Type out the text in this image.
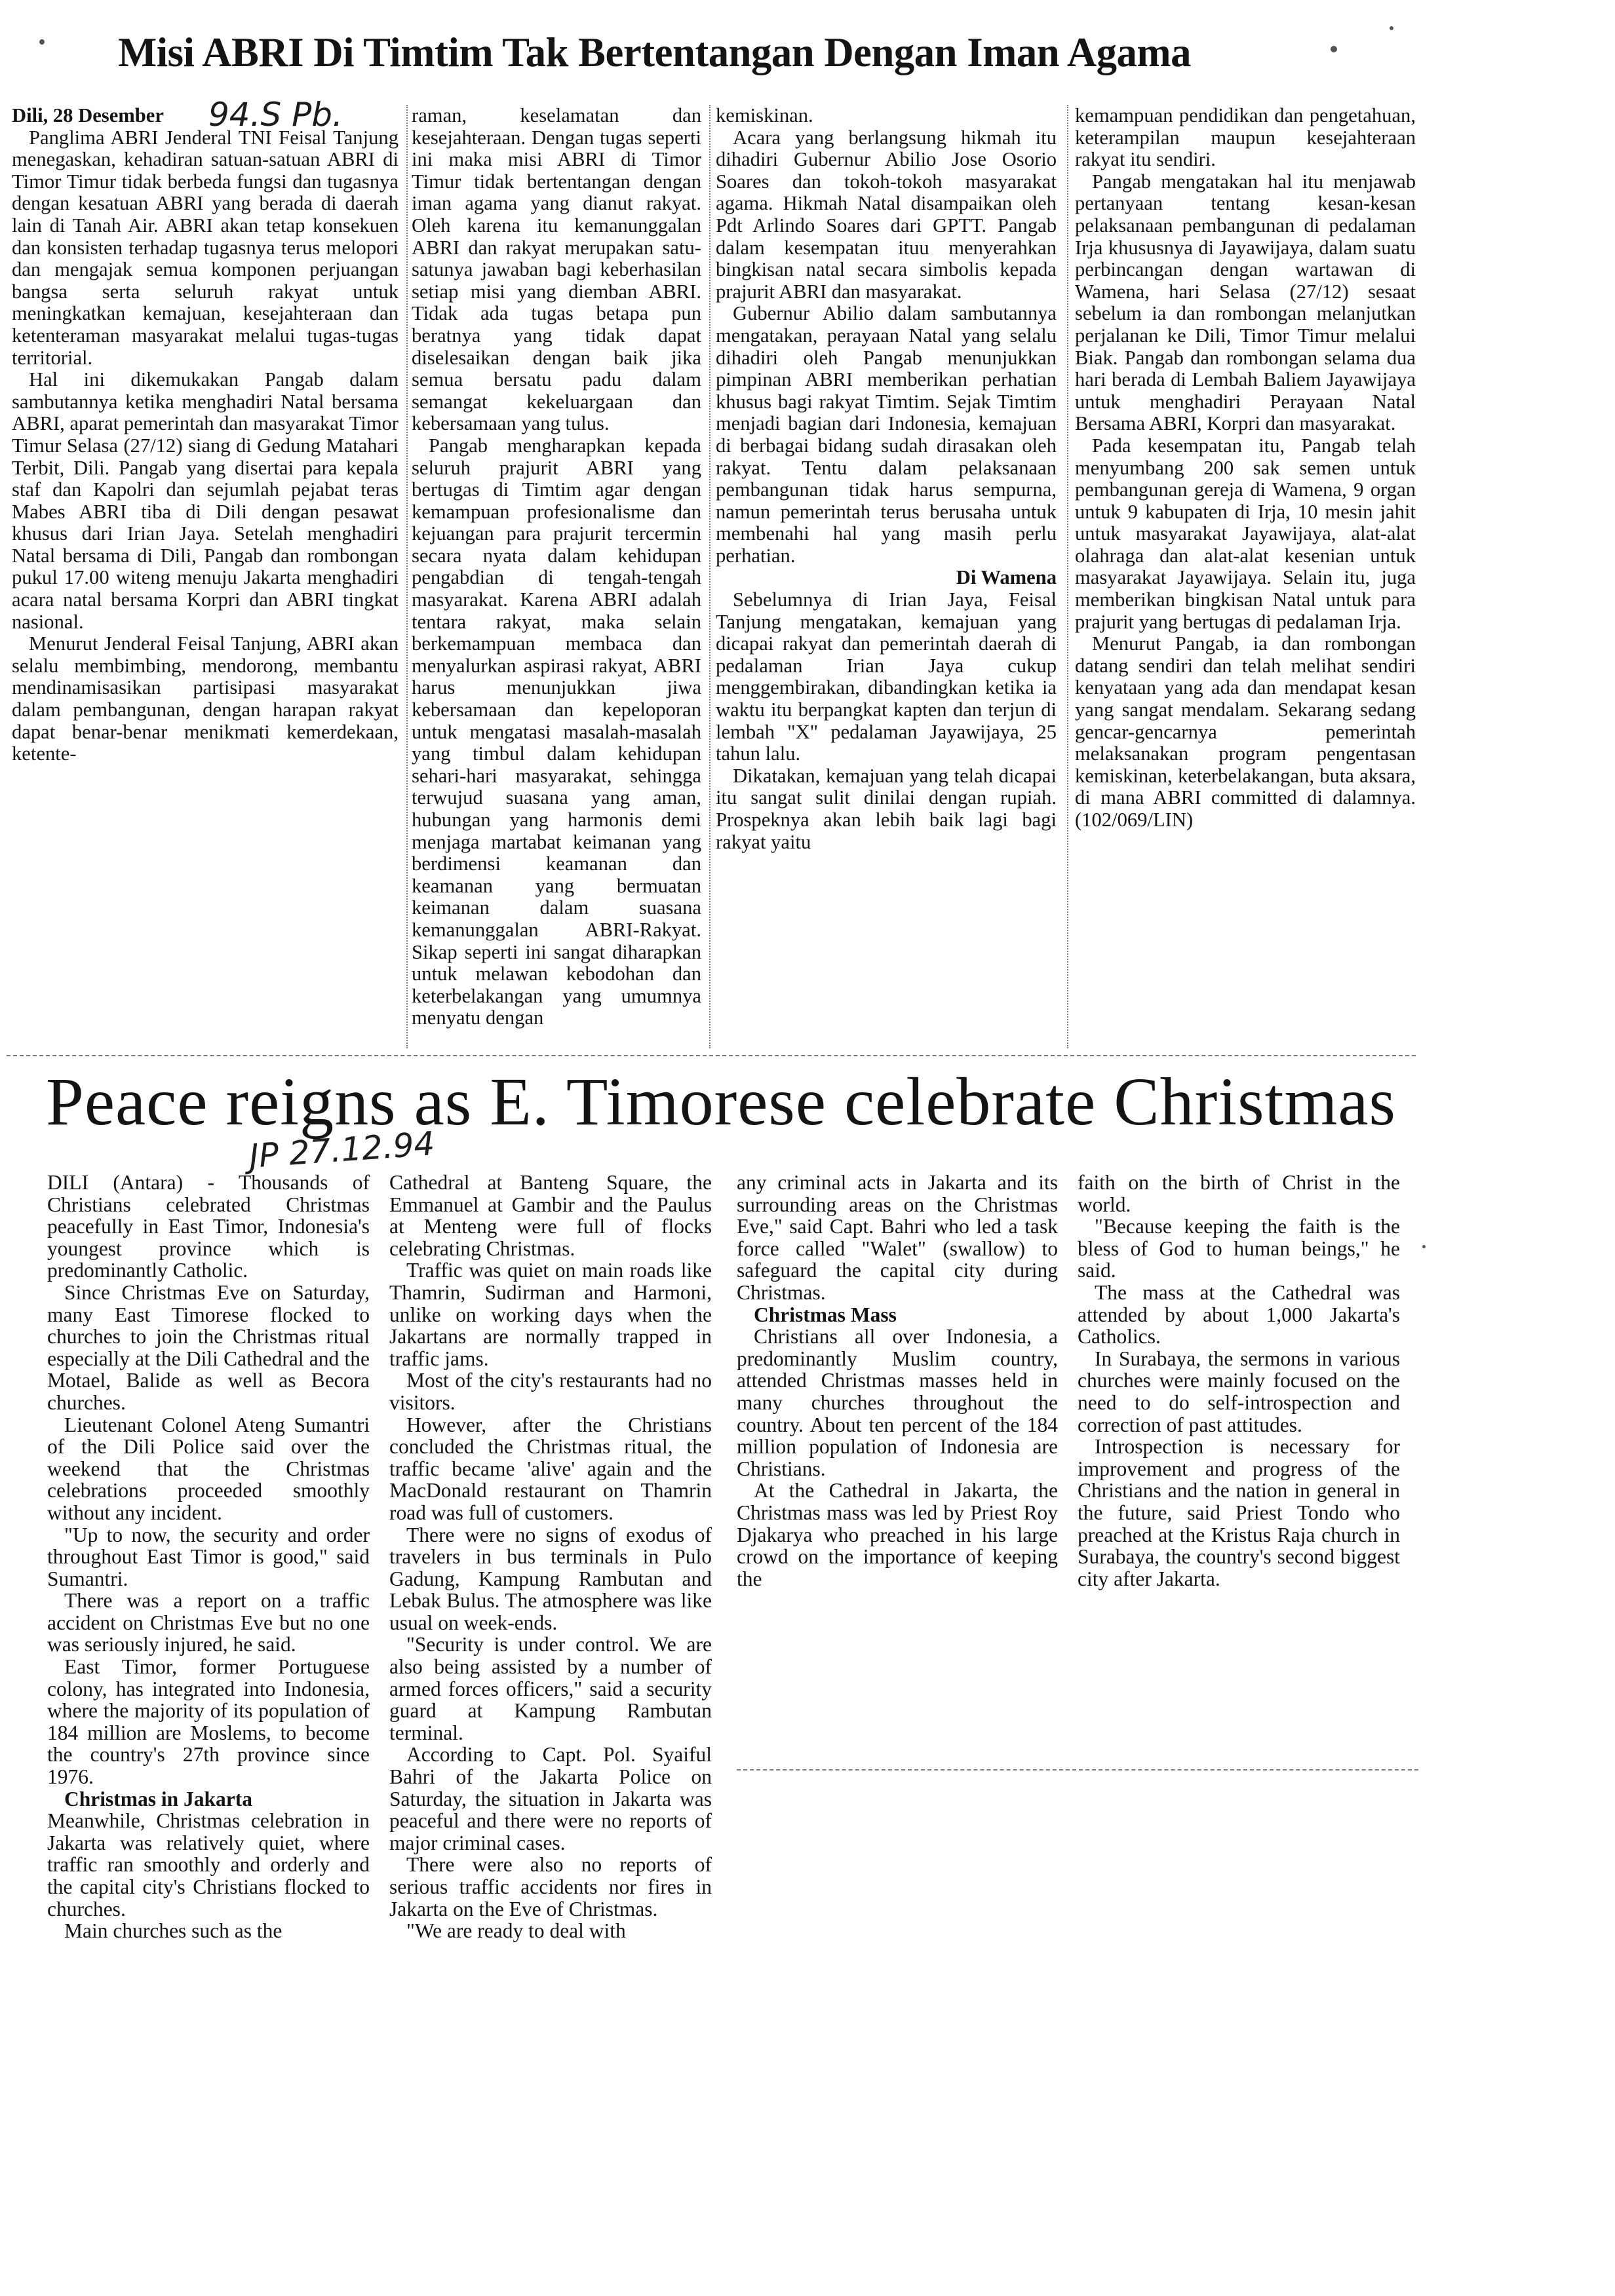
Misi ABRI Di Timtim Tak Bertentangan Dengan Iman Agama
94.S Pb.

Dili, 28 Desember

Panglima ABRI Jenderal TNI Feisal Tanjung menegaskan, kehadiran satuan-satuan ABRI di Timor Timur tidak berbeda fungsi dan tugasnya dengan kesatuan ABRI yang berada di daerah lain di Tanah Air. ABRI akan tetap konsekuen dan konsisten terhadap tugasnya terus melopori dan mengajak semua komponen perjuangan bangsa serta seluruh rakyat untuk meningkatkan kemajuan, kesejahteraan dan ketenteraman masyarakat melalui tugas-tugas territorial.

Hal ini dikemukakan Pangab dalam sambutannya ketika menghadiri Natal bersama ABRI, aparat pemerintah dan masyarakat Timor Timur Selasa (27/12) siang di Gedung Matahari Terbit, Dili. Pangab yang disertai para kepala staf dan Kapolri dan sejumlah pejabat teras Mabes ABRI tiba di Dili dengan pesawat khusus dari Irian Jaya. Setelah menghadiri Natal bersama di Dili, Pangab dan rombongan pukul 17.00 witeng menuju Jakarta menghadiri acara natal bersama Korpri dan ABRI tingkat nasional.

Menurut Jenderal Feisal Tanjung, ABRI akan selalu membimbing, mendorong, membantu mendinamisasikan partisipasi masyarakat dalam pembangunan, dengan harapan rakyat dapat benar-benar menikmati kemerdekaan, ketente-

raman, keselamatan dan kesejahteraan. Dengan tugas seperti ini maka misi ABRI di Timor Timur tidak bertentangan dengan iman agama yang dianut rakyat. Oleh karena itu kemanunggalan ABRI dan rakyat merupakan satu-satunya jawaban bagi keberhasilan setiap misi yang diemban ABRI. Tidak ada tugas betapa pun beratnya yang tidak dapat diselesaikan dengan baik jika semua bersatu padu dalam semangat kekeluargaan dan kebersamaan yang tulus.

Pangab mengharapkan kepada seluruh prajurit ABRI yang bertugas di Timtim agar dengan kemampuan profesionalisme dan kejuangan para prajurit tercermin secara nyata dalam kehidupan pengabdian di tengah-tengah masyarakat. Karena ABRI adalah tentara rakyat, maka selain berkemampuan membaca dan menyalurkan aspirasi rakyat, ABRI harus menunjukkan jiwa kebersamaan dan kepeloporan untuk mengatasi masalah-masalah yang timbul dalam kehidupan sehari-hari masyarakat, sehingga terwujud suasana yang aman, hubungan yang harmonis demi menjaga martabat keimanan yang berdimensi keamanan dan keamanan yang bermuatan keimanan dalam suasana kemanunggalan ABRI-Rakyat. Sikap seperti ini sangat diharapkan untuk melawan kebodohan dan keterbelakangan yang umumnya menyatu dengan

kemiskinan.

Acara yang berlangsung hikmah itu dihadiri Gubernur Abilio Jose Osorio Soares dan tokoh-tokoh masyarakat agama. Hikmah Natal disampaikan oleh Pdt Arlindo Soares dari GPTT. Pangab dalam kesempatan ituu menyerahkan bingkisan natal secara simbolis kepada prajurit ABRI dan masyarakat.

Gubernur Abilio dalam sambutannya mengatakan, perayaan Natal yang selalu dihadiri oleh Pangab menunjukkan pimpinan ABRI memberikan perhatian khusus bagi rakyat Timtim. Sejak Timtim menjadi bagian dari Indonesia, kemajuan di berbagai bidang sudah dirasakan oleh rakyat. Tentu dalam pelaksanaan pembangunan tidak harus sempurna, namun pemerintah terus berusaha untuk membenahi hal yang masih perlu perhatian.

Di Wamena

Sebelumnya di Irian Jaya, Feisal Tanjung mengatakan, kemajuan yang dicapai rakyat dan pemerintah daerah di pedalaman Irian Jaya cukup menggembirakan, dibandingkan ketika ia waktu itu berpangkat kapten dan terjun di lembah "X" pedalaman Jayawijaya, 25 tahun lalu.

Dikatakan, kemajuan yang telah dicapai itu sangat sulit dinilai dengan rupiah. Prospeknya akan lebih baik lagi bagi rakyat yaitu

kemampuan pendidikan dan pengetahuan, keterampilan maupun kesejahteraan rakyat itu sendiri.

Pangab mengatakan hal itu menjawab pertanyaan tentang kesan-kesan pelaksanaan pembangunan di pedalaman Irja khususnya di Jayawijaya, dalam suatu perbincangan dengan wartawan di Wamena, hari Selasa (27/12) sesaat sebelum ia dan rombongan melanjutkan perjalanan ke Dili, Timor Timur melalui Biak. Pangab dan rombongan selama dua hari berada di Lembah Baliem Jayawijaya untuk menghadiri Perayaan Natal Bersama ABRI, Korpri dan masyarakat.

Pada kesempatan itu, Pangab telah menyumbang 200 sak semen untuk pembangunan gereja di Wamena, 9 organ untuk 9 kabupaten di Irja, 10 mesin jahit untuk masyarakat Jayawijaya, alat-alat olahraga dan alat-alat kesenian untuk masyarakat Jayawijaya. Selain itu, juga memberikan bingkisan Natal untuk para prajurit yang bertugas di pedalaman Irja.

Menurut Pangab, ia dan rombongan datang sendiri dan telah melihat sendiri kenyataan yang ada dan mendapat kesan yang sangat mendalam. Sekarang sedang gencar-gencarnya pemerintah melaksanakan program pengentasan kemiskinan, keterbelakangan, buta aksara, di mana ABRI committed di dalamnya.(102/069/LIN)

Peace reigns as E. Timorese celebrate Christmas
JP 27.12.94

DILI (Antara) - Thousands of Christians celebrated Christmas peacefully in East Timor, Indonesia's youngest province which is predominantly Catholic.

Since Christmas Eve on Saturday, many East Timorese flocked to churches to join the Christmas ritual especially at the Dili Cathedral and the Motael, Balide as well as Becora churches.

Lieutenant Colonel Ateng Sumantri of the Dili Police said over the weekend that the Christmas celebrations proceeded smoothly without any incident.

"Up to now, the security and order throughout East Timor is good," said Sumantri.

There was a report on a traffic accident on Christmas Eve but no one was seriously injured, he said.

East Timor, former Portuguese colony, has integrated into Indonesia, where the majority of its population of 184 million are Moslems, to become the country's 27th province since 1976.

Christmas in Jakarta

Meanwhile, Christmas celebration in Jakarta was relatively quiet, where traffic ran smoothly and orderly and the capital city's Christians flocked to churches.

Main churches such as the

Cathedral at Banteng Square, the Emmanuel at Gambir and the Paulus at Menteng were full of flocks celebrating Christmas.

Traffic was quiet on main roads like Thamrin, Sudirman and Harmoni, unlike on working days when the Jakartans are normally trapped in traffic jams.

Most of the city's restaurants had no visitors.

However, after the Christians concluded the Christmas ritual, the traffic became 'alive' again and the MacDonald restaurant on Thamrin road was full of customers.

There were no signs of exodus of travelers in bus terminals in Pulo Gadung, Kampung Rambutan and Lebak Bulus. The atmosphere was like usual on week-ends.

"Security is under control. We are also being assisted by a number of armed forces officers," said a security guard at Kampung Rambutan terminal.

According to Capt. Pol. Syaiful Bahri of the Jakarta Police on Saturday, the situation in Jakarta was peaceful and there were no reports of major criminal cases.

There were also no reports of serious traffic accidents nor fires in Jakarta on the Eve of Christmas.

"We are ready to deal with

any criminal acts in Jakarta and its surrounding areas on the Christmas Eve," said Capt. Bahri who led a task force called "Walet" (swallow) to safeguard the capital city during Christmas.

Christmas Mass

Christians all over Indonesia, a predominantly Muslim country, attended Christmas masses held in many churches throughout the country. About ten percent of the 184 million population of Indonesia are Christians.

At the Cathedral in Jakarta, the Christmas mass was led by Priest Roy Djakarya who preached in his large crowd on the importance of keeping the

faith on the birth of Christ in the world.

"Because keeping the faith is the bless of God to human beings," he said.

The mass at the Cathedral was attended by about 1,000 Jakarta's Catholics.

In Surabaya, the sermons in various churches were mainly focused on the need to do self-introspection and correction of past attitudes.

Introspection is necessary for improvement and progress of the Christians and the nation in general in the future, said Priest Tondo who preached at the Kristus Raja church in Surabaya, the country's second biggest city after Jakarta.
